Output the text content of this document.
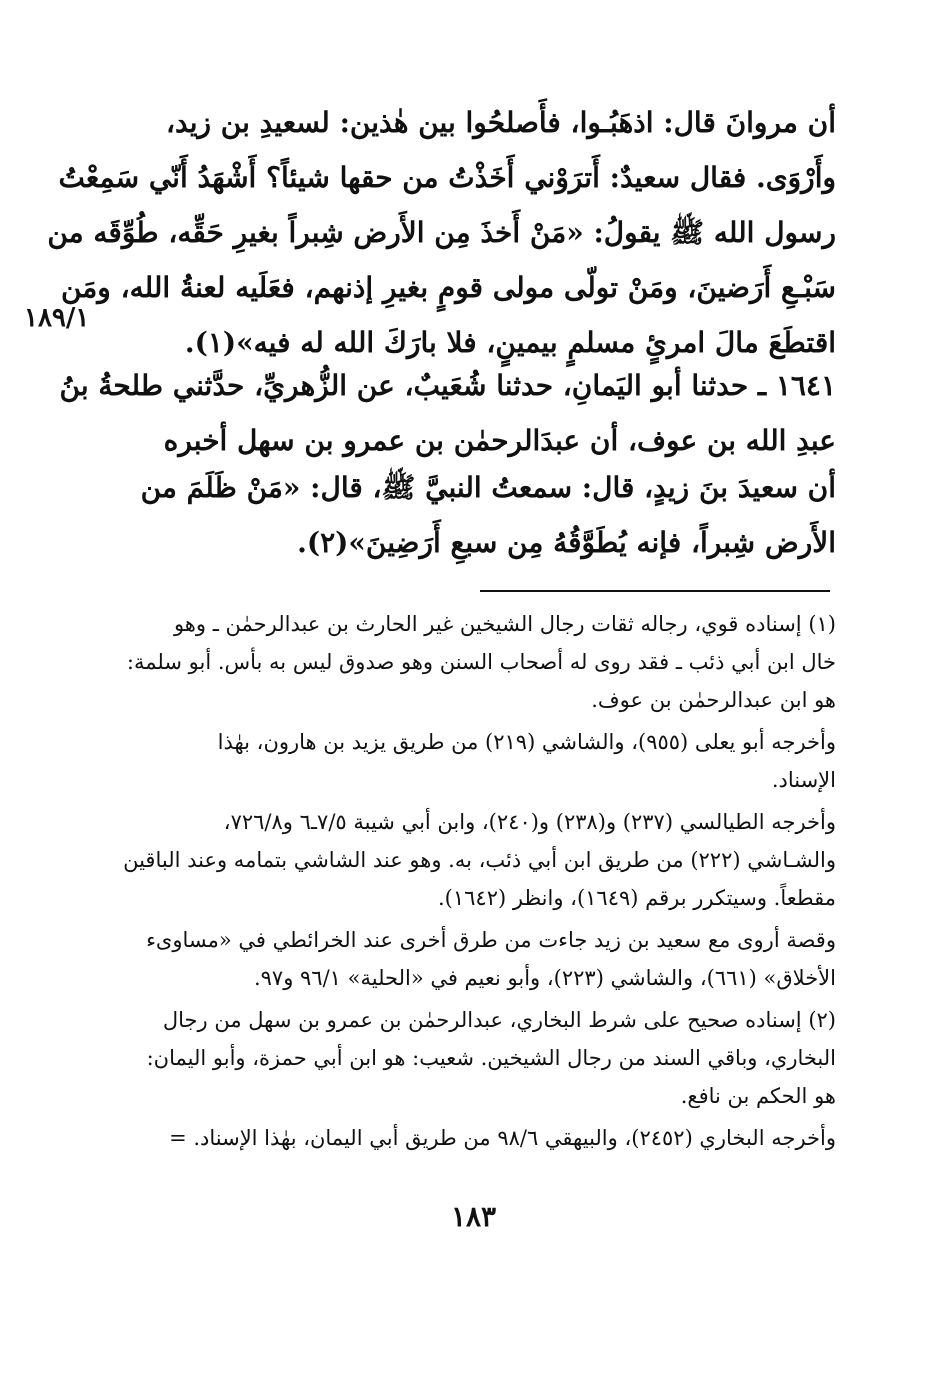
أن مروانَ قال: اذهَبُـوا، فأَصلحُوا بين هٰذين: لسعيدِ بن زيد،
وأَرْوَى. فقال سعيدٌ: أَترَوْني أَخَذْتُ من حقها شيئاً؟ أَشْهَدُ أَنّي سَمِعْتُ
رسول الله ﷺ يقولُ: «مَنْ أَخذَ مِن الأَرض شِبراً بغيرِ حَقِّه، طُوِّقَه من
سَبْـعِ أَرَضينَ، ومَنْ تولّى مولى قومٍ بغيرِ إذنهم، فعَلَيه لعنةُ الله، ومَن
اقتطَعَ مالَ امرئٍ مسلمٍ بيمينٍ، فلا بارَكَ الله له فيه»(١).
١٨٩/١
١٦٤١ ـ حدثنا أبو اليَمانِ، حدثنا شُعَيبٌ، عن الزُّهريِّ، حدَّثني طلحةُ بنُ
عبدِ الله بن عوف، أن عبدَالرحمٰن بن عمرو بن سهل أخبره
أن سعيدَ بنَ زيدٍ، قال: سمعتُ النبيَّ ﷺ، قال: «مَنْ ظَلَمَ من
الأَرض شِبراً، فإنه يُطَوَّقُهُ مِن سبعِ أَرَضِينَ»(٢).
(١) إسناده قوي، رجاله ثقات رجال الشيخين غير الحارث بن عبدالرحمٰن ـ وهو
خال ابن أبي ذئب ـ فقد روى له أصحاب السنن وهو صدوق ليس به بأس. أبو سلمة:
هو ابن عبدالرحمٰن بن عوف.
وأخرجه أبو يعلى (٩٥٥)، والشاشي (٢١٩) من طريق يزيد بن هارون، بهٰذا
الإسناد.
وأخرجه الطيالسي (٢٣٧) و(٢٣٨) و(٢٤٠)، وابن أبي شيبة ٧/٥ـ٦ و٧٢٦/٨،
والشـاشي (٢٢٢) من طريق ابن أبي ذئب، به. وهو عند الشاشي بتمامه وعند الباقين
مقطعاً. وسيتكرر برقم (١٦٤٩)، وانظر (١٦٤٢).
وقصة أروى مع سعيد بن زيد جاءت من طرق أخرى عند الخرائطي في «مساوىء
الأخلاق» (٦٦١)، والشاشي (٢٢٣)، وأبو نعيم في «الحلية» ٩٦/١ و٩٧.
(٢) إسناده صحيح على شرط البخاري، عبدالرحمٰن بن عمرو بن سهل من رجال
البخاري، وباقي السند من رجال الشيخين. شعيب: هو ابن أبي حمزة، وأبو اليمان:
هو الحكم بن نافع.
وأخرجه البخاري (٢٤٥٢)، والبيهقي ٩٨/٦ من طريق أبي اليمان، بهٰذا الإسناد. =
١٨٣
